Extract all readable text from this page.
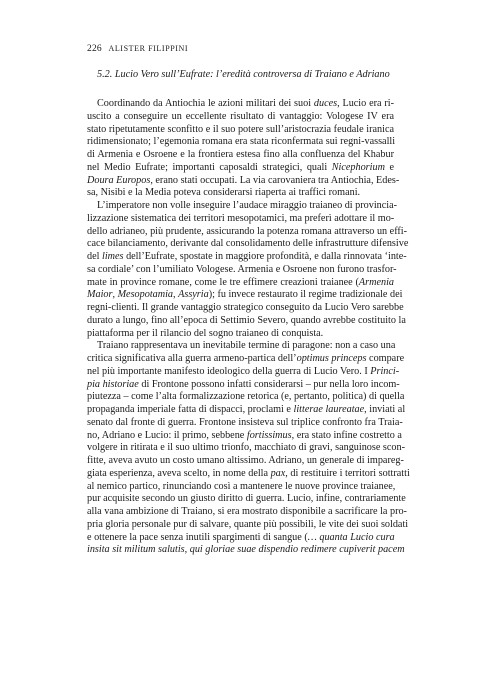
226 ALISTER FILIPPINI
5.2. Lucio Vero sull’Eufrate: l’eredità controversa di Traiano e Adriano
Coordinando da Antiochia le azioni militari dei suoi duces, Lucio era ri-
uscito a conseguire un eccellente risultato di vantaggio: Vologese IV era
stato ripetutamente sconfitto e il suo potere sull’aristocrazia feudale iranica
ridimensionato; l’egemonia romana era stata riconfermata sui regni-vassalli
di Armenia e Osroene e la frontiera estesa fino alla confluenza del Khabur
nel Medio Eufrate; importanti caposaldi strategici, quali Nicephorium e
Doura Europos, erano stati occupati. La via carovaniera tra Antiochia, Edes-
sa, Nisibi e la Media poteva considerarsi riaperta ai traffici romani.
L’imperatore non volle inseguire l’audace miraggio traianeo di provincia-
lizzazione sistematica dei territori mesopotamici, ma preferì adottare il mo-
dello adrianeo, più prudente, assicurando la potenza romana attraverso un effi-
cace bilanciamento, derivante dal consolidamento delle infrastrutture difensive
del limes dell’Eufrate, spostate in maggiore profondità, e dalla rinnovata ‘inte-
sa cordiale’ con l’umiliato Vologese. Armenia e Osroene non furono trasfor-
mate in province romane, come le tre effimere creazioni traianee (Armenia
Maior, Mesopotamia, Assyria); fu invece restaurato il regime tradizionale dei
regni-clienti. Il grande vantaggio strategico conseguito da Lucio Vero sarebbe
durato a lungo, fino all’epoca di Settimio Severo, quando avrebbe costituito la
piattaforma per il rilancio del sogno traianeo di conquista.
Traiano rappresentava un inevitabile termine di paragone: non a caso una
critica significativa alla guerra armeno-partica dell’optimus princeps compare
nel più importante manifesto ideologico della guerra di Lucio Vero. I Princi-
pia historiae di Frontone possono infatti considerarsi – pur nella loro incom-
piutezza – come l’alta formalizzazione retorica (e, pertanto, politica) di quella
propaganda imperiale fatta di dispacci, proclami e litterae laureatae, inviati al
senato dal fronte di guerra. Frontone insisteva sul triplice confronto fra Traia-
no, Adriano e Lucio: il primo, sebbene fortissimus, era stato infine costretto a
volgere in ritirata e il suo ultimo trionfo, macchiato di gravi, sanguinose scon-
fitte, aveva avuto un costo umano altissimo. Adriano, un generale di impareg-
giata esperienza, aveva scelto, in nome della pax, di restituire i territori sottratti
al nemico partico, rinunciando così a mantenere le nuove province traianee,
pur acquisite secondo un giusto diritto di guerra. Lucio, infine, contrariamente
alla vana ambizione di Traiano, si era mostrato disponibile a sacrificare la pro-
pria gloria personale pur di salvare, quante più possibili, le vite dei suoi soldati
e ottenere la pace senza inutili spargimenti di sangue (… quanta Lucio cura
insita sit militum salutis, qui gloriae suae dispendio redimere cupiverit pacem
